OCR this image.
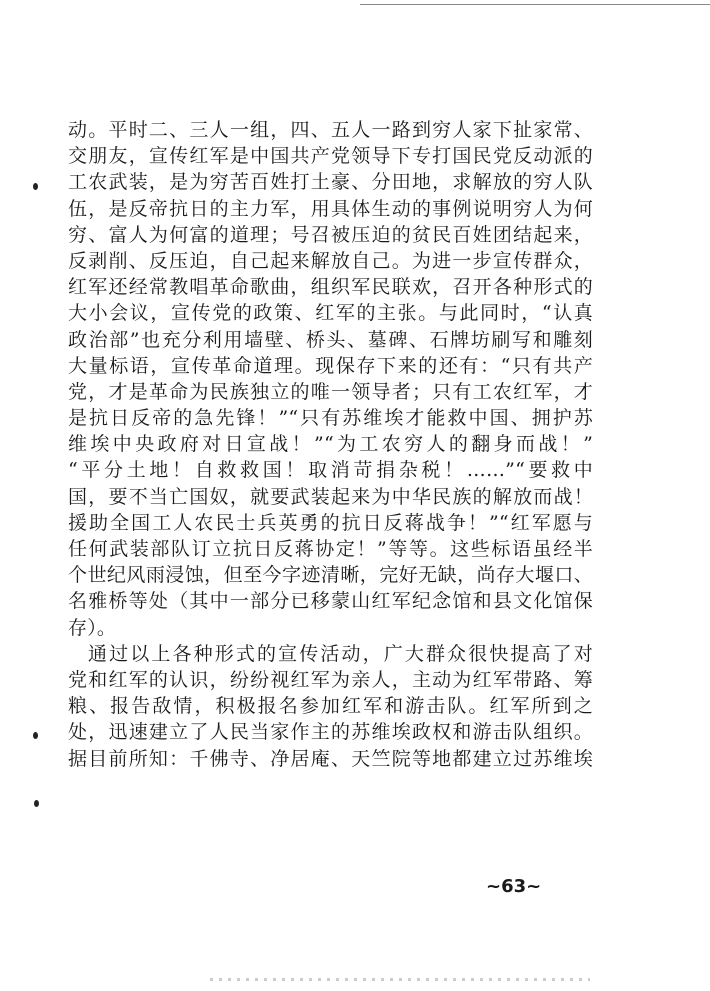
动。平时二、三人一组，四、五人一路到穷人家下扯家常、
交朋友，宣传红军是中国共产党领导下专打国民党反动派的
工农武装，是为穷苦百姓打土豪、分田地，求解放的穷人队
伍，是反帝抗日的主力军，用具体生动的事例说明穷人为何
穷、富人为何富的道理；号召被压迫的贫民百姓团结起来，
反剥削、反压迫，自己起来解放自己。为进一步宣传群众，
红军还经常教唱革命歌曲，组织军民联欢，召开各种形式的
大小会议，宣传党的政策、红军的主张。与此同时，“认真
政治部”也充分利用墙壁、桥头、墓碑、石牌坊刷写和雕刻
大量标语，宣传革命道理。现保存下来的还有：“只有共产
党，才是革命为民族独立的唯一领导者；只有工农红军，才
是抗日反帝的急先锋！”“只有苏维埃才能救中国、拥护苏
维埃中央政府对日宣战！”“为工农穷人的翻身而战！”
“平分土地！自救救国！取消苛捐杂税！……”“要救中
国，要不当亡国奴，就要武装起来为中华民族的解放而战！
援助全国工人农民士兵英勇的抗日反蒋战争！”“红军愿与
任何武装部队订立抗日反蒋协定！”等等。这些标语虽经半
个世纪风雨浸蚀，但至今字迹清晰，完好无缺，尚存大堰口、
名雅桥等处（其中一部分已移蒙山红军纪念馆和县文化馆保
存）。
通过以上各种形式的宣传活动，广大群众很快提高了对
党和红军的认识，纷纷视红军为亲人，主动为红军带路、筹
粮、报告敌情，积极报名参加红军和游击队。红军所到之
处，迅速建立了人民当家作主的苏维埃政权和游击队组织。
据目前所知：千佛寺、净居庵、天竺院等地都建立过苏维埃
~63~
